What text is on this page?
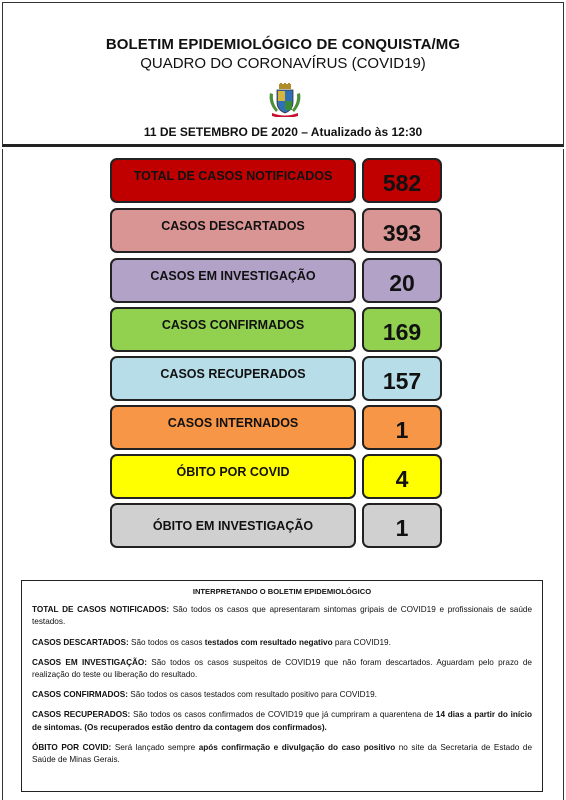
BOLETIM EPIDEMIOLÓGICO DE CONQUISTA/MG
QUADRO DO CORONAVÍRUS (COVID19)
11 DE SETEMBRO DE 2020 – Atualizado às 12:30
TOTAL DE CASOS NOTIFICADOS	582
CASOS DESCARTADOS	393
CASOS EM INVESTIGAÇÃO	20
CASOS CONFIRMADOS	169
CASOS RECUPERADOS	157
CASOS INTERNADOS	1
ÓBITO POR COVID	4
ÓBITO EM INVESTIGAÇÃO	1
INTERPRETANDO O BOLETIM EPIDEMIOLÓGICO

TOTAL DE CASOS NOTIFICADOS: São todos os casos que apresentaram sintomas gripais de COVID19 e profissionais de saúde testados.

CASOS DESCARTADOS: São todos os casos testados com resultado negativo para COVID19.

CASOS EM INVESTIGAÇÃO: São todos os casos suspeitos de COVID19 que não foram descartados. Aguardam pelo prazo de realização do teste ou liberação do resultado.

CASOS CONFIRMADOS: São todos os casos testados com resultado positivo para COVID19.

CASOS RECUPERADOS: São todos os casos confirmados de COVID19 que já cumpriram a quarentena de 14 dias a partir do início de sintomas. (Os recuperados estão dentro da contagem dos confirmados).

ÓBITO POR COVID: Será lançado sempre após confirmação e divulgação do caso positivo no site da Secretaria de Estado de Saúde de Minas Gerais.
